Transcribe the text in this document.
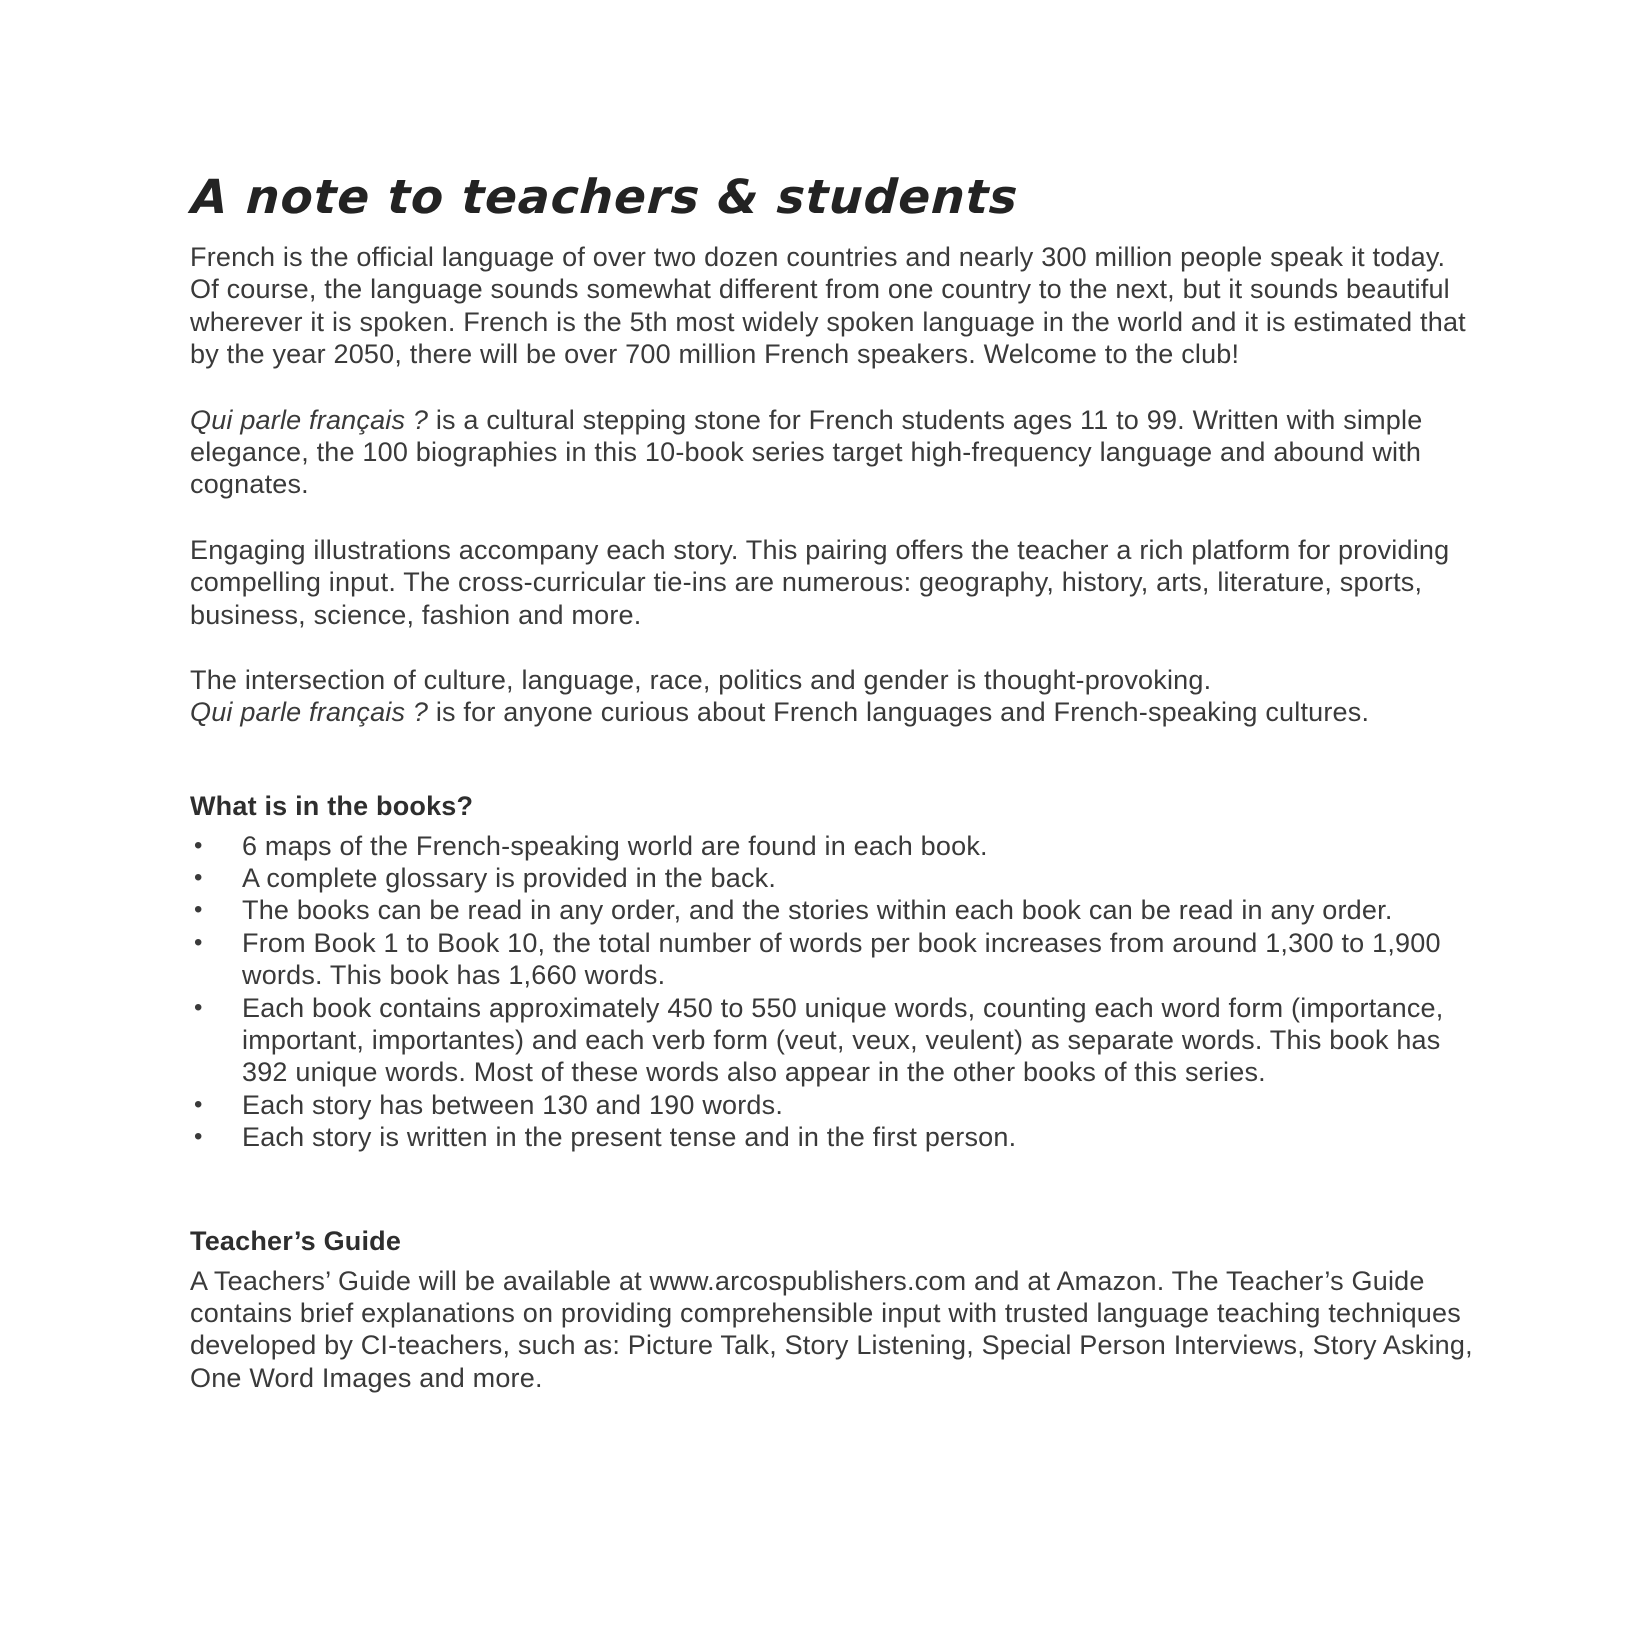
A note to teachers & students

French is the official language of over two dozen countries and nearly 300 million people speak it today. Of course, the language sounds somewhat different from one country to the next, but it sounds beautiful wherever it is spoken. French is the 5th most widely spoken language in the world and it is estimated that by the year 2050, there will be over 700 million French speakers. Welcome to the club!

Qui parle français ? is a cultural stepping stone for French students ages 11 to 99. Written with simple elegance, the 100 biographies in this 10-book series target high-frequency language and abound with cognates.

Engaging illustrations accompany each story. This pairing offers the teacher a rich platform for providing compelling input. The cross-curricular tie-ins are numerous: geography, history, arts, literature, sports, business, science, fashion and more.

The intersection of culture, language, race, politics and gender is thought-provoking.
Qui parle français ? is for anyone curious about French languages and French-speaking cultures.

What is in the books?
•	6 maps of the French-speaking world are found in each book.
•	A complete glossary is provided in the back.
•	The books can be read in any order, and the stories within each book can be read in any order.
•	From Book 1 to Book 10, the total number of words per book increases from around 1,300 to 1,900 words. This book has 1,660 words.
•	Each book contains approximately 450 to 550 unique words, counting each word form (importance, important, importantes) and each verb form (veut, veux, veulent) as separate words. This book has 392 unique words. Most of these words also appear in the other books of this series.
•	Each story has between 130 and 190 words.
•	Each story is written in the present tense and in the first person.
Teacher’s Guide

A Teachers’ Guide will be available at www.arcospublishers.com and at Amazon. The Teacher’s Guide contains brief explanations on providing comprehensible input with trusted language teaching techniques developed by CI-teachers, such as: Picture Talk, Story Listening, Special Person Interviews, Story Asking, One Word Images and more.
